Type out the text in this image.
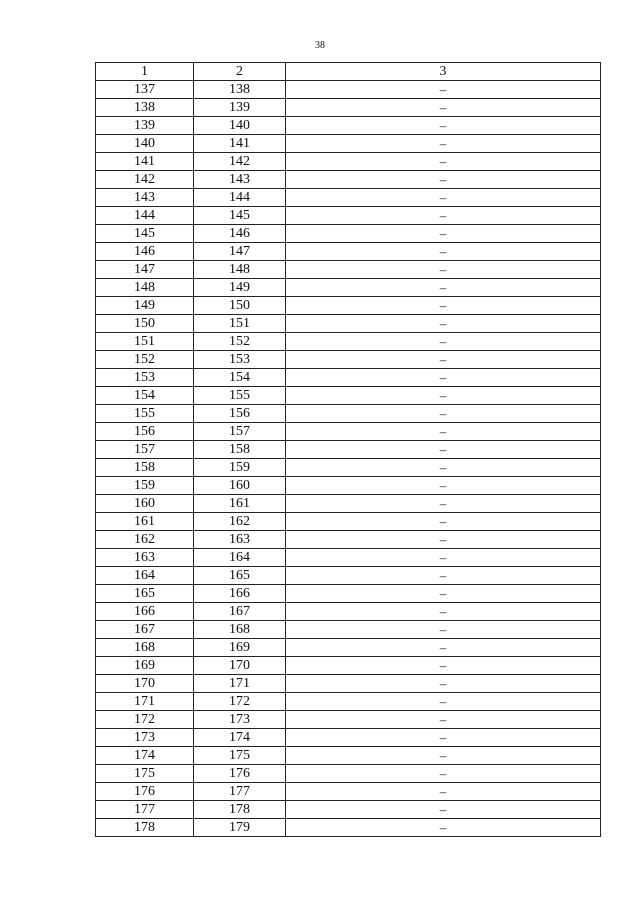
38
1	2	3
137	138	–
138	139	–
139	140	–
140	141	–
141	142	–
142	143	–
143	144	–
144	145	–
145	146	–
146	147	–
147	148	–
148	149	–
149	150	–
150	151	–
151	152	–
152	153	–
153	154	–
154	155	–
155	156	–
156	157	–
157	158	–
158	159	–
159	160	–
160	161	–
161	162	–
162	163	–
163	164	–
164	165	–
165	166	–
166	167	–
167	168	–
168	169	–
169	170	–
170	171	–
171	172	–
172	173	–
173	174	–
174	175	–
175	176	–
176	177	–
177	178	–
178	179	–
